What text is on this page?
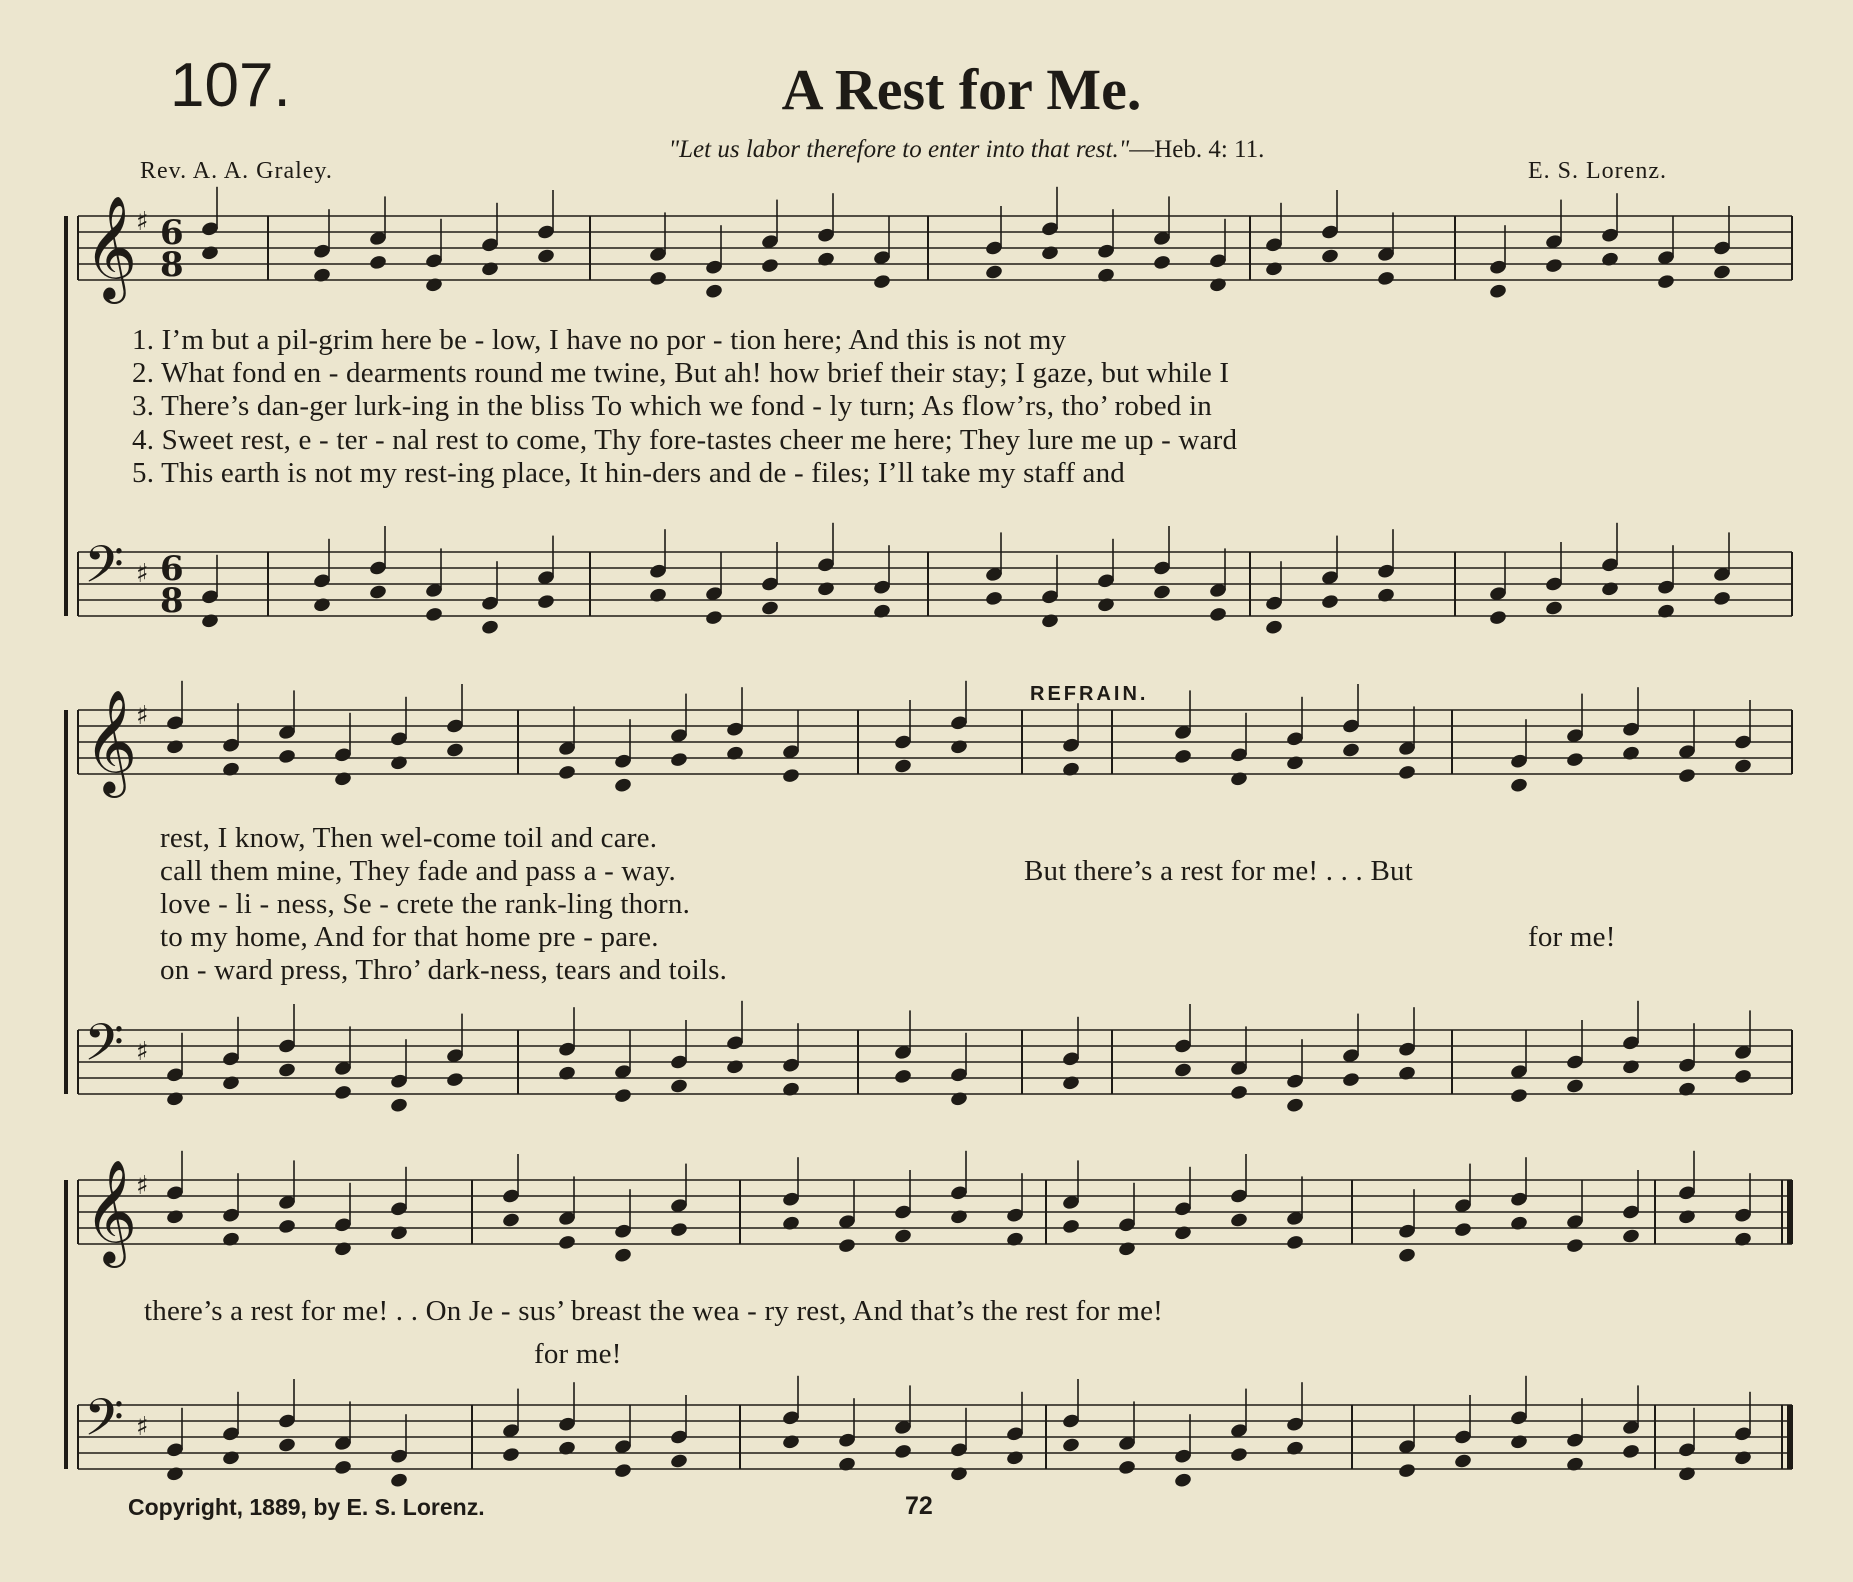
107.	A Rest for Me.
"Let us labor therefore to enter into that rest."—Heb. 4: 11.
Rev. A. A. Graley.	E. S. Lorenz.
𝄞
♯ 6
8
𝄢 ♯ 6
8
𝄞
♯
𝄢 ♯
𝄞
♯
𝄢 ♯
1. I’m but a pil-grim here be - low, I have no por - tion here; And this is not my
2. What fond en - dearments round me twine, But ah! how brief their stay; I gaze, but while I
3. There’s dan-ger lurk-ing in the bliss To which we fond - ly turn; As flow’rs, tho’ robed in
4. Sweet rest, e - ter - nal rest to come, Thy fore-tastes cheer me here; They lure me up - ward
5. This earth is not my rest-ing place, It hin-ders and de - files; I’ll take my staff and
rest, I know, Then wel-come toil and care.
call them mine, They fade and pass a - way.
love - li - ness, Se - crete the rank-ling thorn.
to my home, And for that home pre - pare.
on - ward press, Thro’ dark-ness, tears and toils.
REFRAIN.
But there’s a rest for me! . . . But
for me!
there’s a rest for me! . . On Je - sus’ breast the wea - ry rest, And that’s the rest for me!
for me!
Copyright, 1889, by E. S. Lorenz.	72
